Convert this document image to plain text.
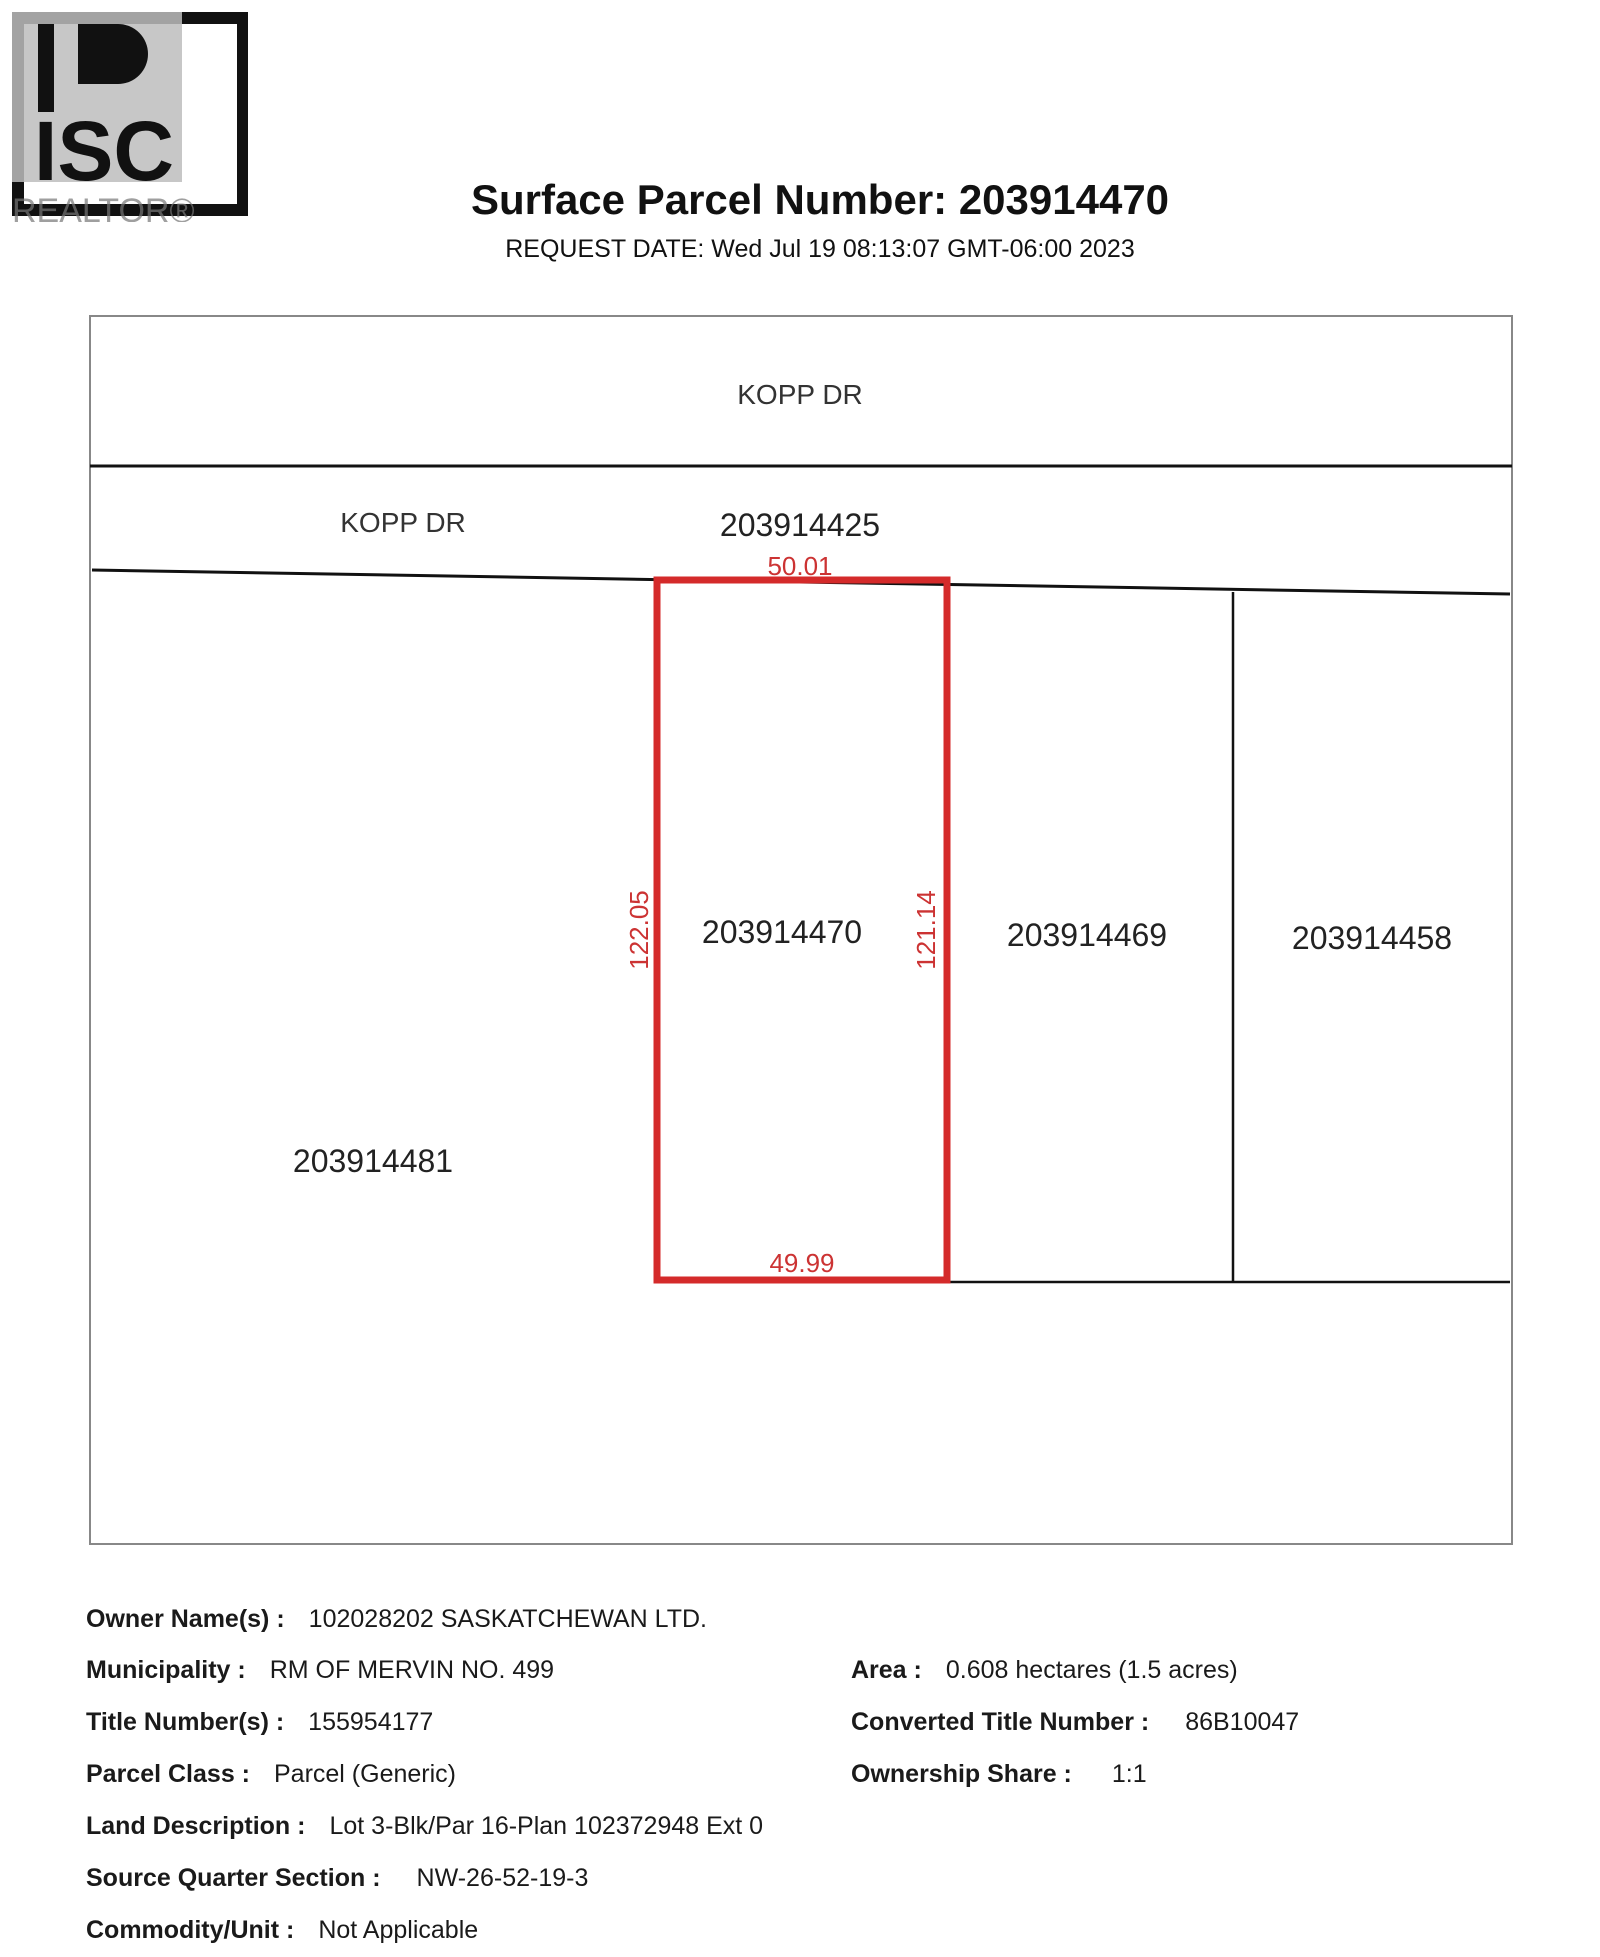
ISC
REALTOR®	Surface Parcel Number: 203914470
REQUEST DATE: Wed Jul 19 08:13:07 GMT-06:00 2023
KOPP DR
KOPP DR	203914425
203914470	203914469	203914458
203914481
50.01
49.99
122.05	121.14
Owner Name(s) : 102028202 SASKATCHEWAN LTD.
Municipality : RM OF MERVIN NO. 499	Area : 0.608 hectares (1.5 acres)
Title Number(s) : 155954177	Converted Title Number : 86B10047
Parcel Class : Parcel (Generic)	Ownership Share : 1:1
Land Description : Lot 3-Blk/Par 16-Plan 102372948 Ext 0
Source Quarter Section : NW-26-52-19-3
Commodity/Unit : Not Applicable
